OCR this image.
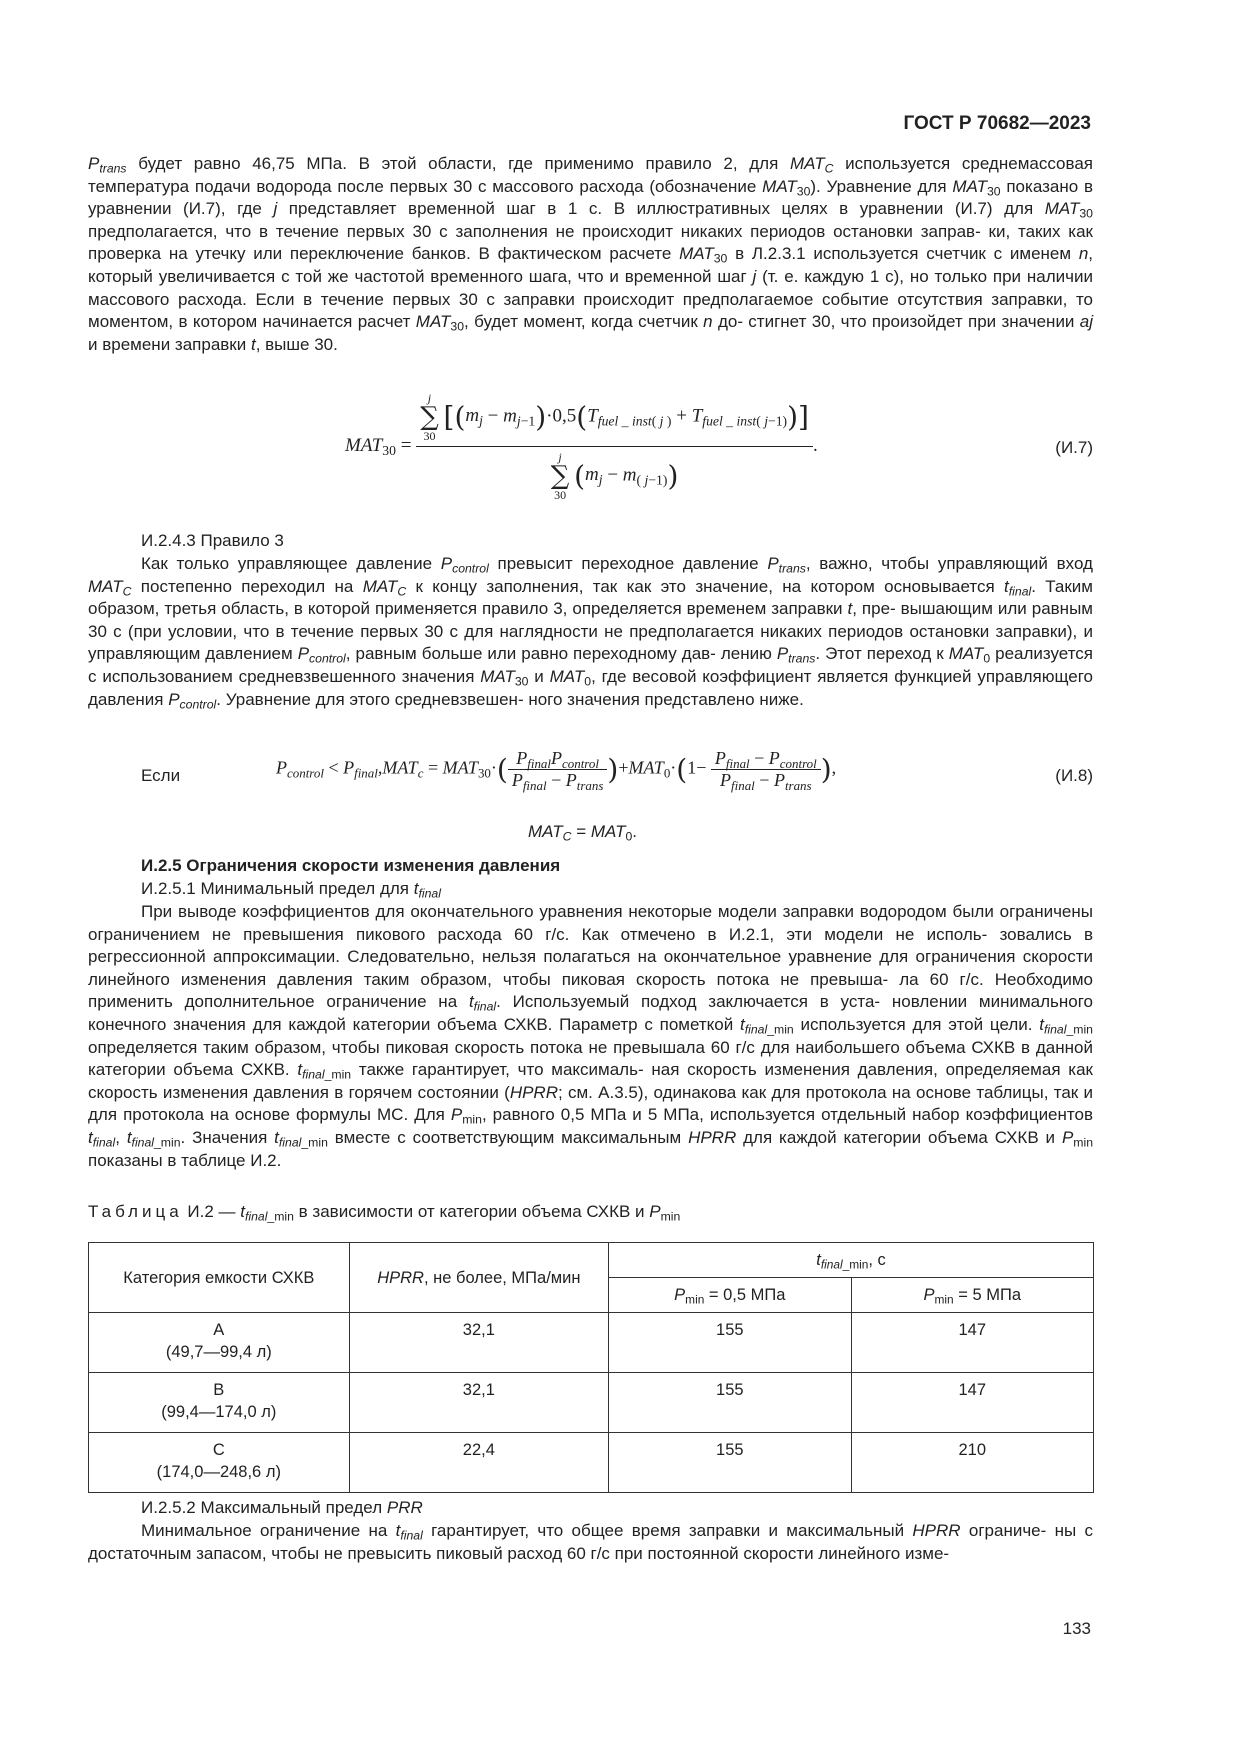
ГОСТ Р 70682—2023
$P_{trans}$ будет равно 46,75 МПа. В этой области, где применимо правило 2, для $MAT_C$ используется среднемассовая температура подачи водорода после первых 30 с массового расхода (обозначение $MAT_{30}$). Уравнение для $MAT_{30}$ показано в уравнении (И.7), где j представляет временной шаг в 1 с. В иллюстративных целях в уравнении (И.7) для $MAT_{30}$ предполагается, что в течение первых 30 с заполнения не происходит никаких периодов остановки заправ- ки, таких как проверка на утечку или переключение банков. В фактическом расчете $MAT_{30}$ в Л.2.3.1 используется счетчик с именем n, который увеличивается с той же частотой временного шага, что и временной шаг j (т. е. каждую 1 с), но только при наличии массового расхода. Если в течение первых 30 с заправки происходит предполагаемое событие отсутствия заправки, то моментом, в котором начинается расчет $MAT_{30}$, будет момент, когда счетчик n до- стигнет 30, что произойдет при значении aj и времени заправки t, выше 30.
$MAT_{30}$ =
j
∑
30 $[(m_j - m_{j-1})\cdot 0,5(T_{fuel \_ inst( j )} + T_{fuel \_ inst( j-1)})]$
j
∑
30 $(m_j - m_{( j-1)})$
.	(И.7)
И.2.4.3 Правило 3
Как только управляющее давление $P_{control}$ превысит переходное давление $P_{trans}$, важно, чтобы управляющий вход $MAT_C$ постепенно переходил на $MAT_C$ к концу заполнения, так как это значение, на котором основывается $t_{final}$. Таким образом, третья область, в которой применяется правило 3, определяется временем заправки t, пре- вышающим или равным 30 с (при условии, что в течение первых 30 с для наглядности не предполагается никаких периодов остановки заправки), и управляющим давлением $P_{control}$, равным больше или равно переходному дав- лению $P_{trans}$. Этот переход к $MAT_0$ реализуется с использованием средневзвешенного значения $MAT_{30}$ и $MAT_0$, где весовой коэффициент является функцией управляющего давления $P_{control}$. Уравнение для этого средневзвешен- ного значения представлено ниже.
Если	$P_{control} < P_{final},MAT_c = MAT_{30}\cdot( \frac{P_{final}P_{control}}{P_{final} - P_{trans}} )+MAT_0\cdot(1- \frac{P_{final} - P_{control}}{P_{final} - P_{trans}}$ ),	(И.8)
$MAT_C = MAT_0$.
И.2.5 Ограничения скорости изменения давления
И.2.5.1 Минимальный предел для $t_{final}$
При выводе коэффициентов для окончательного уравнения некоторые модели заправки водородом были ограничены ограничением не превышения пикового расхода 60 г/с. Как отмечено в И.2.1, эти модели не исполь- зовались в регрессионной аппроксимации. Следовательно, нельзя полагаться на окончательное уравнение для ограничения скорости линейного изменения давления таким образом, чтобы пиковая скорость потока не превыша- ла 60 г/с. Необходимо применить дополнительное ограничение на $t_{final}$. Используемый подход заключается в уста- новлении минимального конечного значения для каждой категории объема СХКВ. Параметр с пометкой $t_{final\_min}$ используется для этой цели. $t_{final\_min}$ определяется таким образом, чтобы пиковая скорость потока не превышала 60 г/с для наибольшего объема СХКВ в данной категории объема СХКВ. $t_{final\_min}$ также гарантирует, что максималь- ная скорость изменения давления, определяемая как скорость изменения давления в горячем состоянии (HPRR; см. А.3.5), одинакова как для протокола на основе таблицы, так и для протокола на основе формулы МС. Для $P_{min}$, равного 0,5 МПа и 5 МПа, используется отдельный набор коэффициентов $t_{final}$, $t_{final\_min}$. Значения $t_{final\_min}$ вместе с соответствующим максимальным HPRR для каждой категории объема СХКВ и $P_{min}$ показаны в таблице И.2.
Таблица И.2 — $t_{final\_min}$ в зависимости от категории объема СХКВ и $P_{min}$
Категория емкости СХКВ	HPRR, не более, МПа/мин	$t_{final\_min}$, с	
		$P_{min} = 0,5$ МПа	$P_{min} = 5$ МПа
А
(49,7—99,4 л)	32,1	155	147
В
(99,4—174,0 л)	32,1	155	147
С
(174,0—248,6 л)	22,4	155	210
И.2.5.2 Максимальный предел PRR
Минимальное ограничение на $t_{final}$ гарантирует, что общее время заправки и максимальный HPRR ограниче- ны с достаточным запасом, чтобы не превысить пиковый расход 60 г/с при постоянной скорости линейного изме-
133
